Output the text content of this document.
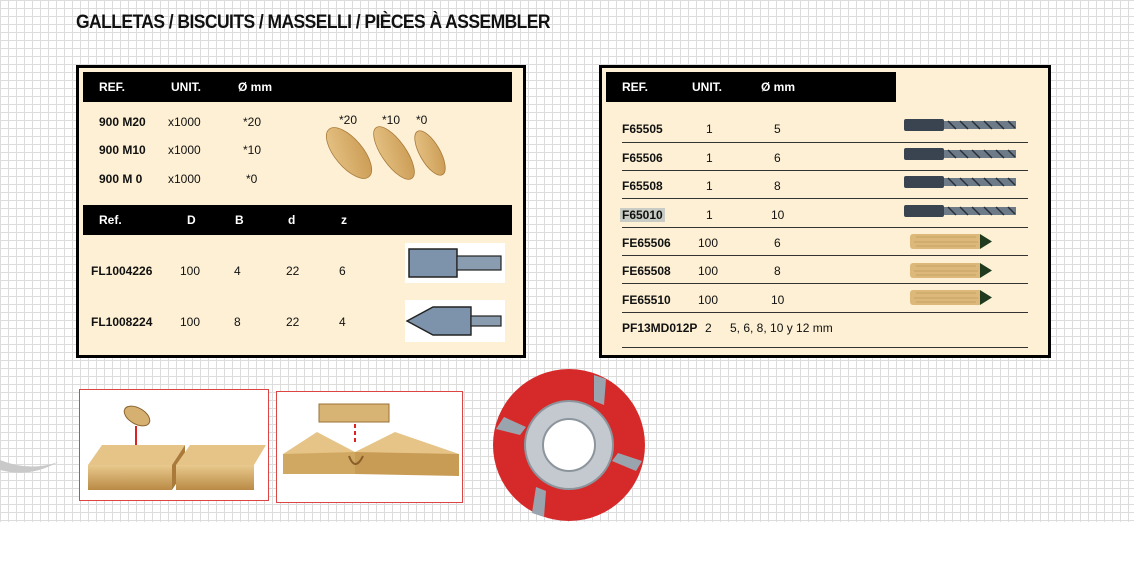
GALLETAS / BISCUITS / MASSELLI / PIÈCES À ASSEMBLER
REF.	UNIT.	Ø mm
900 M20 x1000	*20
900 M10 x1000	*10
900 M 0 x1000	*0
*20 *10 *0
Ref.	D	B	d	z
FL1004226 100	4	22	6
FL1008224 100	8	22	4
REF.	UNIT.	Ø mm
F65505	1	5
F65506	1	6
F65508	1	8
F65010	1	10
FE65506 100	6
FE65508 100	8
FE65510 100	10
PF13MD012P 2 5, 6, 8, 10 y 12 mm
